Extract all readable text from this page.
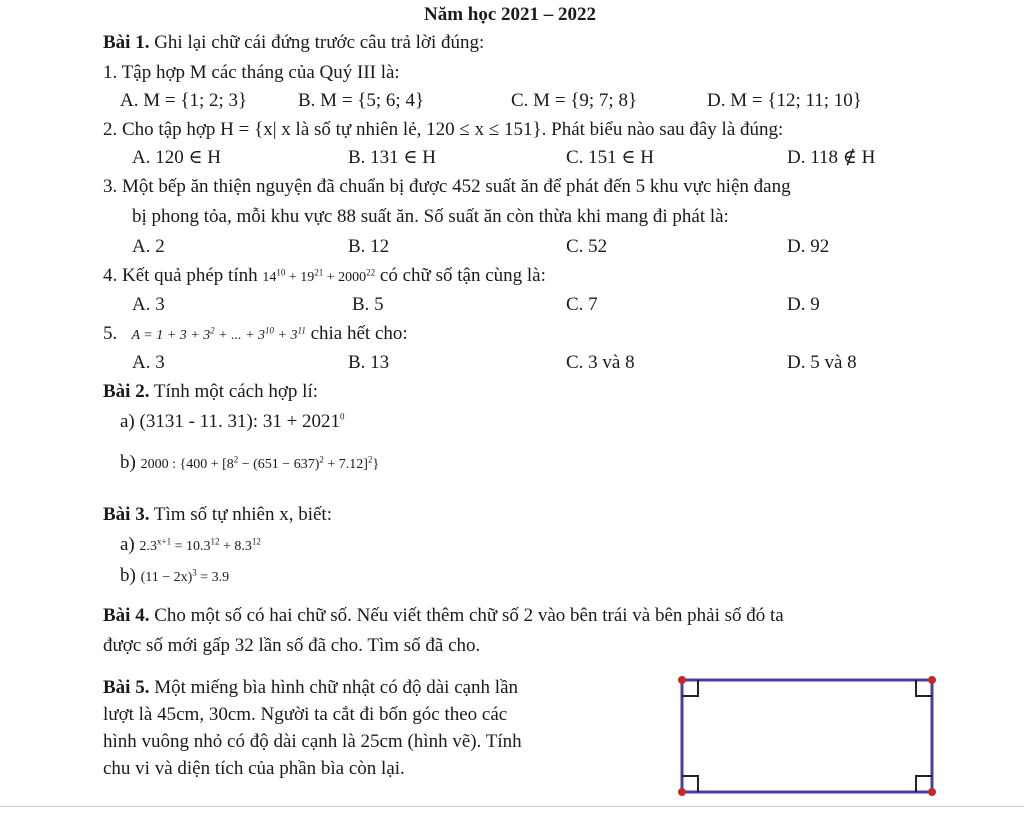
Năm học 2021 – 2022
Bài 1. Ghi lại chữ cái đứng trước câu trả lời đúng:
1. Tập hợp M các tháng của Quý III là:
A. M = {1; 2; 3}	B. M = {5; 6; 4}	C. M = {9; 7; 8}	D. M = {12; 11; 10}
2. Cho tập hợp H = {x| x là số tự nhiên lẻ, 120 ≤ x ≤ 151}. Phát biểu nào sau đây là đúng:
A. 120 ∈ H	B. 131 ∈ H	C. 151 ∈ H	D. 118 ∉ H
3. Một bếp ăn thiện nguyện đã chuẩn bị được 452 suất ăn để phát đến 5 khu vực hiện đang
bị phong tỏa, mỗi khu vực 88 suất ăn. Số suất ăn còn thừa khi mang đi phát là:
A. 2	B. 12	C. 52	D. 92
4. Kết quả phép tính $14^{10} + 19^{21} + 2000^{22}$ có chữ số tận cùng là:
A. 3	B. 5	C. 7	D. 9
5. $A = 1 + 3 + 3^2$ + ... + $3^{10} + 3^{11}$ chia hết cho:
A. 3	B. 13	C. 3 và 8	D. 5 và 8
Bài 2. Tính một cách hợp lí:
a) (3131 - 11. 31): $31 + 2021^0$
b) 2000 : $\{400 + [8^2 - (651 - 637)^2 + 7.12]^2\}$
Bài 3. Tìm số tự nhiên x, biết:
a) $2.3^{x+1} = 10.3^{12} + 8.3^{12}$
b) $(11 - 2x)^3 = 3.9$
Bài 4. Cho một số có hai chữ số. Nếu viết thêm chữ số 2 vào bên trái và bên phải số đó ta
được số mới gấp 32 lần số đã cho. Tìm số đã cho.
Bài 5. Một miếng bìa hình chữ nhật có độ dài cạnh lần
lượt là 45cm, 30cm. Người ta cắt đi bốn góc theo các
hình vuông nhỏ có độ dài cạnh là 25cm (hình vẽ). Tính
chu vi và diện tích của phần bìa còn lại.
